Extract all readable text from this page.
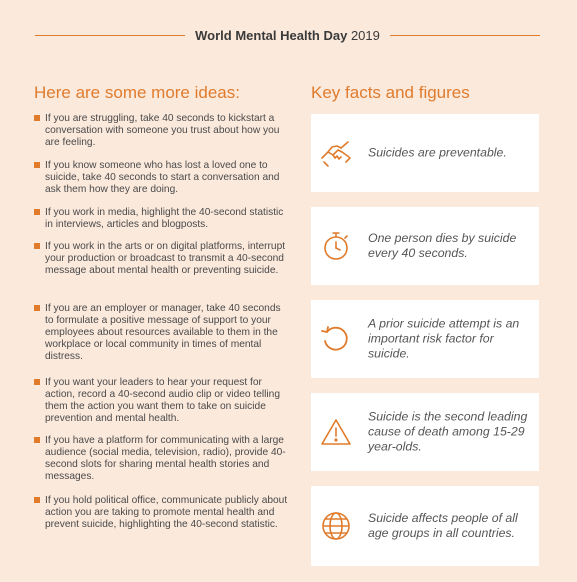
World Mental Health Day 2019
Here are some more ideas:	Key facts and figures
If you are struggling, take 40 seconds to kickstart a conversation with someone you trust about how you are feeling.
If you know someone who has lost a loved one to suicide, take 40 seconds to start a conversation and ask them how they are doing.
If you work in media, highlight the 40-second statistic in interviews, articles and blogposts.
If you work in the arts or on digital platforms, interrupt your production or broadcast to transmit a 40-second message about mental health or preventing suicide.
If you are an employer or manager, take 40 seconds to formulate a positive message of support to your employees about resources available to them in the workplace or local community in times of mental distress.
If you want your leaders to hear your request for action, record a 40-second audio clip or video telling them the action you want them to take on suicide prevention and mental health.
If you have a platform for communicating with a large audience (social media, television, radio), provide 40-second slots for sharing mental health stories and messages.
If you hold political office, communicate publicly about action you are taking to promote mental health and prevent suicide, highlighting the 40-second statistic.
Suicides are preventable.
One person dies by suicide every 40 seconds.
A prior suicide attempt is an important risk factor for suicide.
Suicide is the second leading cause of death among 15-29 year-olds.
Suicide affects people of all age groups in all countries.
